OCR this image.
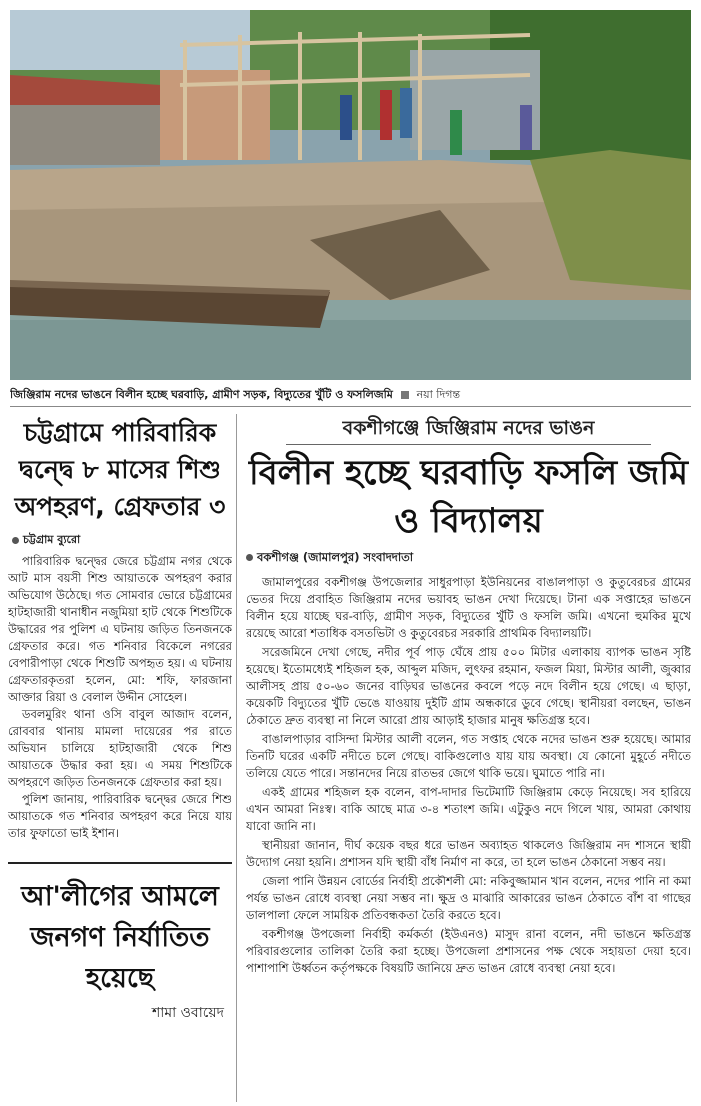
জিঞ্জিরাম নদের ভাঙনে বিলীন হচ্ছে ঘরবাড়ি, গ্রামীণ সড়ক, বিদ্যুতের খুঁটি ও ফসলিজমি নয়া দিগন্ত
চট্টগ্রামে পারিবারিক দ্বন্দ্বে ৮ মাসের শিশু অপহরণ, গ্রেফতার ৩
চট্টগ্রাম ব্যুরো

পারিবারিক দ্বন্দ্বের জেরে চট্টগ্রাম নগর থেকে আট মাস বয়সী শিশু আয়াতকে অপহরণ করার অভিযোগ উঠেছে। গত সোমবার ভোরে চট্টগ্রামের হাটহাজারী থানাধীন নজুমিয়া হাট থেকে শিশুটিকে উদ্ধারের পর পুলিশ এ ঘটনায় জড়িত তিনজনকে গ্রেফতার করে। গত শনিবার বিকেলে নগরের বেপারীপাড়া থেকে শিশুটি অপহৃত হয়। এ ঘটনায় গ্রেফতারকৃতরা হলেন, মো: শফি, ফারজানা আক্তার রিয়া ও বেলাল উদ্দীন সোহেল।

ডবলমুরিং থানা ওসি বাবুল আজাদ বলেন, রোববার থানায় মামলা দায়েরের পর রাতে অভিযান চালিয়ে হাটহাজারী থেকে শিশু আয়াতকে উদ্ধার করা হয়। এ সময় শিশুটিকে অপহরণে জড়িত তিনজনকে গ্রেফতার করা হয়।

পুলিশ জানায়, পারিবারিক দ্বন্দ্বের জেরে শিশু আয়াতকে গত শনিবার অপহরণ করে নিয়ে যায় তার ফুফাতো ভাই ইশান।

আ'লীগের আমলে জনগণ নির্যাতিত হয়েছে
শামা ওবায়েদ
বকশীগঞ্জে জিঞ্জিরাম নদের ভাঙন
বিলীন হচ্ছে ঘরবাড়ি ফসলি জমি ও বিদ্যালয়
বকশীগঞ্জ (জামালপুর) সংবাদদাতা

জামালপুরের বকশীগঞ্জ উপজেলার সাধুরপাড়া ইউনিয়নের বাঙালপাড়া ও কুতুবেরচর গ্রামের ভেতর দিয়ে প্রবাহিত জিঞ্জিরাম নদের ভয়াবহ ভাঙন দেখা দিয়েছে। টানা এক সপ্তাহের ভাঙনে বিলীন হয়ে যাচ্ছে ঘর-বাড়ি, গ্রামীণ সড়ক, বিদ্যুতের খুঁটি ও ফসলি জমি। এখনো হুমকির মুখে রয়েছে আরো শতাধিক বসতভিটা ও কুতুবেরচর সরকারি প্রাথমিক বিদ্যালয়টি।

সরেজমিনে দেখা গেছে, নদীর পূর্ব পাড় ঘেঁষে প্রায় ৫০০ মিটার এলাকায় ব্যাপক ভাঙন সৃষ্টি হয়েছে। ইতোমধ্যেই শহিজল হক, আব্দুল মজিদ, লুৎফর রহমান, ফজল মিয়া, মিস্টার আলী, জুব্বার আলীসহ প্রায় ৫০-৬০ জনের বাড়িঘর ভাঙনের কবলে পড়ে নদে বিলীন হয়ে গেছে। এ ছাড়া, কয়েকটি বিদ্যুতের খুঁটি ভেঙে যাওয়ায় দুইটি গ্রাম অন্ধকারে ডুবে গেছে। স্থানীয়রা বলছেন, ভাঙন ঠেকাতে দ্রুত ব্যবস্থা না নিলে আরো প্রায় আড়াই হাজার মানুষ ক্ষতিগ্রস্ত হবে।

বাঙালপাড়ার বাসিন্দা মিস্টার আলী বলেন, গত সপ্তাহ থেকে নদের ভাঙন শুরু হয়েছে। আমার তিনটি ঘরের একটি নদীতে চলে গেছে। বাকিগুলোও যায় যায় অবস্থা। যে কোনো মুহূর্তে নদীতে তলিয়ে যেতে পারে। সন্তানদের নিয়ে রাতভর জেগে থাকি ভয়ে। ঘুমাতে পারি না।

একই গ্রামের শহিজল হক বলেন, বাপ-দাদার ভিটেমাটি জিঞ্জিরাম কেড়ে নিয়েছে। সব হারিয়ে এখন আমরা নিঃস্ব। বাকি আছে মাত্র ৩-৪ শতাংশ জমি। এটুকুও নদে গিলে খায়, আমরা কোথায় যাবো জানি না।

স্থানীয়রা জানান, দীর্ঘ কয়েক বছর ধরে ভাঙন অব্যাহত থাকলেও জিঞ্জিরাম নদ শাসনে স্থায়ী উদ্যোগ নেয়া হয়নি। প্রশাসন যদি স্থায়ী বাঁধ নির্মাণ না করে, তা হলে ভাঙন ঠেকানো সম্ভব নয়।

জেলা পানি উন্নয়ন বোর্ডের নির্বাহী প্রকৌশলী মো: নকিবুজ্জামান খান বলেন, নদের পানি না কমা পর্যন্ত ভাঙন রোধে ব্যবস্থা নেয়া সম্ভব না। ক্ষুদ্র ও মাঝারি আকারের ভাঙন ঠেকাতে বাঁশ বা গাছের ডালপালা ফেলে সাময়িক প্রতিবন্ধকতা তৈরি করতে হবে।

বকশীগঞ্জ উপজেলা নির্বাহী কর্মকর্তা (ইউএনও) মাসুদ রানা বলেন, নদী ভাঙনে ক্ষতিগ্রস্ত পরিবারগুলোর তালিকা তৈরি করা হচ্ছে। উপজেলা প্রশাসনের পক্ষ থেকে সহায়তা দেয়া হবে। পাশাপাশি উর্ধ্বতন কর্তৃপক্ষকে বিষয়টি জানিয়ে দ্রুত ভাঙন রোধে ব্যবস্থা নেয়া হবে।
